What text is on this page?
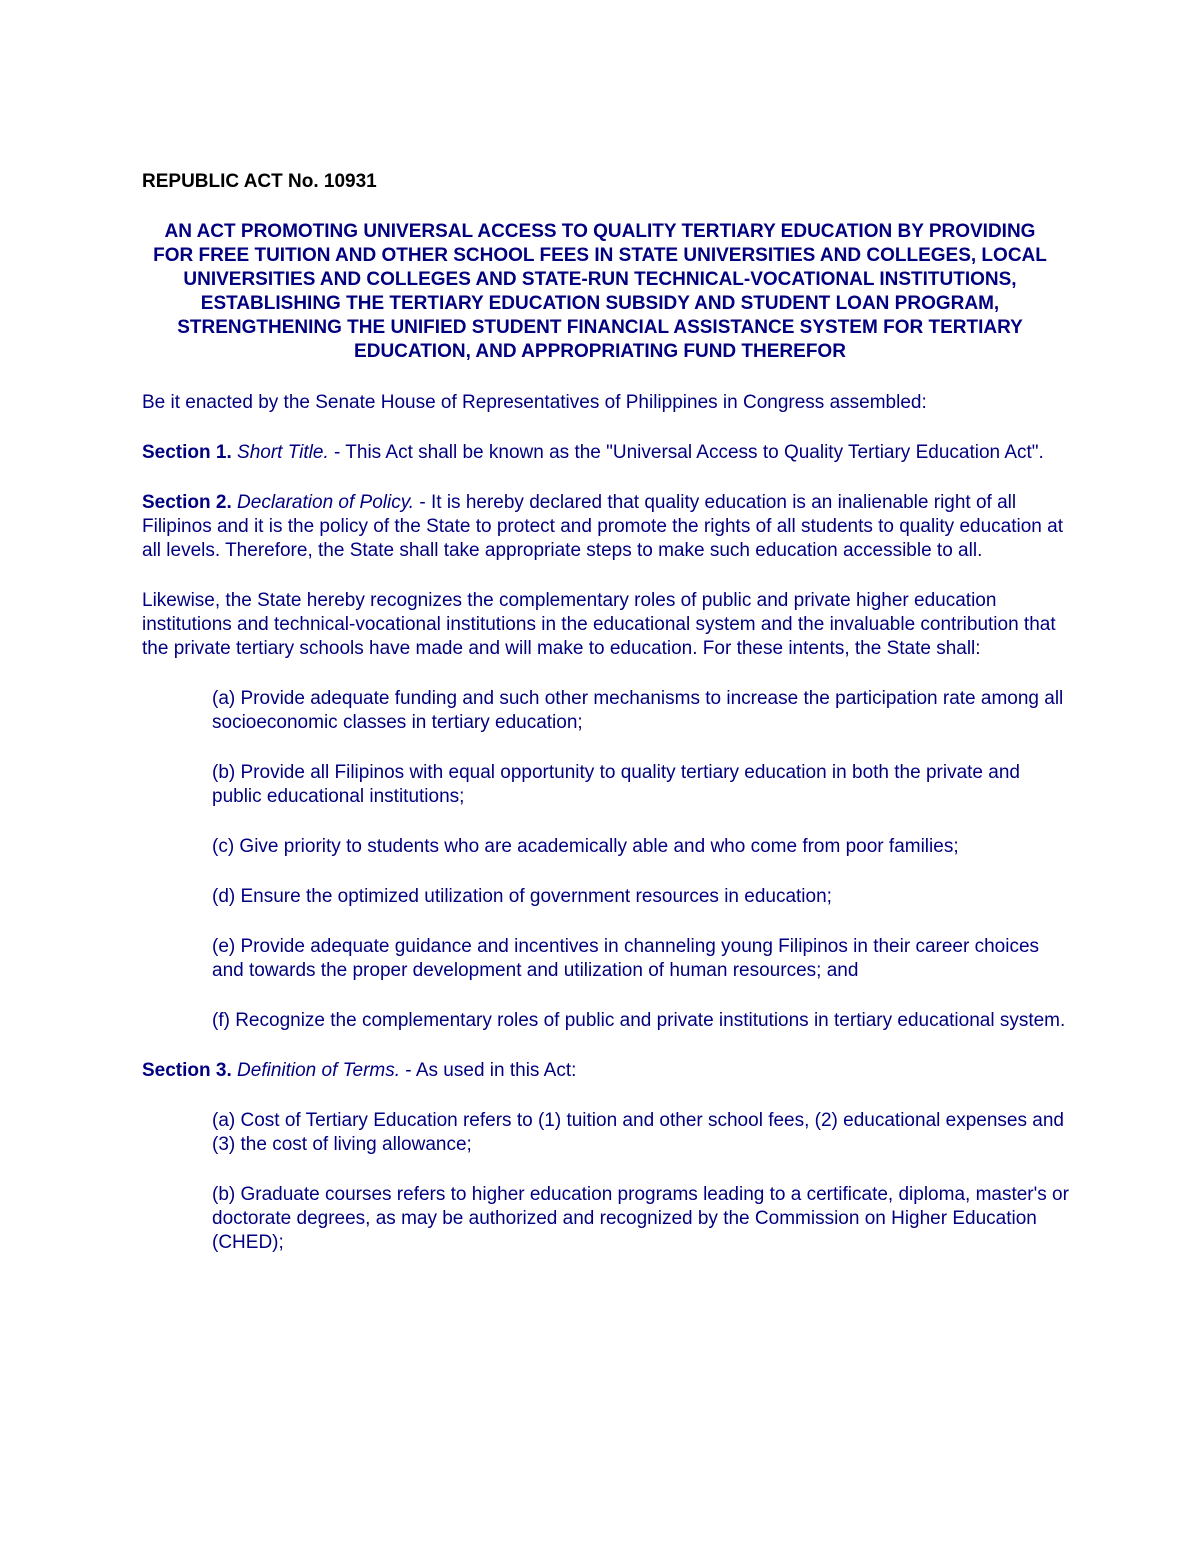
REPUBLIC ACT No. 10931
AN ACT PROMOTING UNIVERSAL ACCESS TO QUALITY TERTIARY EDUCATION BY PROVIDING FOR FREE TUITION AND OTHER SCHOOL FEES IN STATE UNIVERSITIES AND COLLEGES, LOCAL UNIVERSITIES AND COLLEGES AND STATE-RUN TECHNICAL-VOCATIONAL INSTITUTIONS, ESTABLISHING THE TERTIARY EDUCATION SUBSIDY AND STUDENT LOAN PROGRAM, STRENGTHENING THE UNIFIED STUDENT FINANCIAL ASSISTANCE SYSTEM FOR TERTIARY EDUCATION, AND APPROPRIATING FUND THEREFOR

Be it enacted by the Senate House of Representatives of Philippines in Congress assembled:

Section 1. Short Title. - This Act shall be known as the "Universal Access to Quality Tertiary Education Act".

Section 2. Declaration of Policy. - It is hereby declared that quality education is an inalienable right of all Filipinos and it is the policy of the State to protect and promote the rights of all students to quality education at all levels. Therefore, the State shall take appropriate steps to make such education accessible to all.

Likewise, the State hereby recognizes the complementary roles of public and private higher education institutions and technical-vocational institutions in the educational system and the invaluable contribution that the private tertiary schools have made and will make to education. For these intents, the State shall:

(a) Provide adequate funding and such other mechanisms to increase the participation rate among all socioeconomic classes in tertiary education;

(b) Provide all Filipinos with equal opportunity to quality tertiary education in both the private and public educational institutions;

(c) Give priority to students who are academically able and who come from poor families;

(d) Ensure the optimized utilization of government resources in education;

(e) Provide adequate guidance and incentives in channeling young Filipinos in their career choices and towards the proper development and utilization of human resources; and

(f) Recognize the complementary roles of public and private institutions in tertiary educational system.

Section 3. Definition of Terms. - As used in this Act:

(a) Cost of Tertiary Education refers to (1) tuition and other school fees, (2) educational expenses and (3) the cost of living allowance;

(b) Graduate courses refers to higher education programs leading to a certificate, diploma, master's or doctorate degrees, as may be authorized and recognized by the Commission on Higher Education (CHED);
